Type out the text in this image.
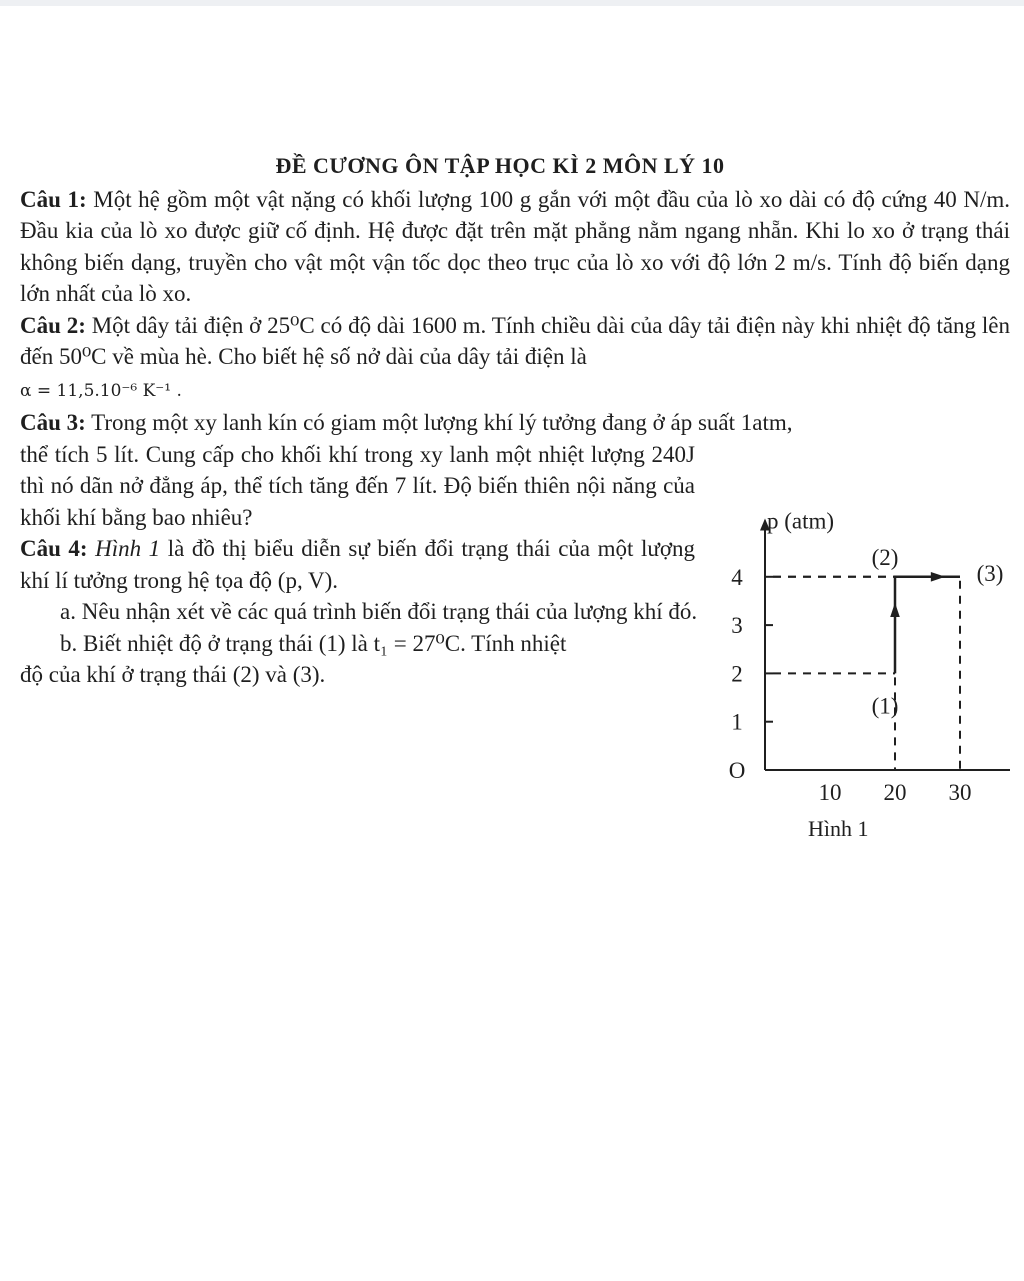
ĐỀ CƯƠNG ÔN TẬP HỌC KÌ 2 MÔN LÝ 10

Câu 1: Một hệ gồm một vật nặng có khối lượng 100 g gắn với một đầu của lò xo dài có độ cứng 40 N/m. Đầu kia của lò xo được giữ cố định. Hệ được đặt trên mặt phẳng nằm ngang nhẵn. Khi lo xo ở trạng thái không biến dạng, truyền cho vật một vận tốc dọc theo trục của lò xo với độ lớn 2 m/s. Tính độ biến dạng lớn nhất của lò xo.

Câu 2: Một dây tải điện ở 25⁰C có độ dài 1600 m. Tính chiều dài của dây tải điện này khi nhiệt độ tăng lên đến 50⁰C về mùa hè. Cho biết hệ số nở dài của dây tải điện là
α = 11,5.10⁻⁶ K⁻¹ .

Câu 3: Trong một xy lanh kín có giam một lượng khí lý tưởng đang ở áp suất 1atm,

thể tích 5 lít. Cung cấp cho khối khí trong xy lanh một nhiệt lượng 240J thì nó dãn nở đẳng áp, thể tích tăng đến 7 lít. Độ biến thiên nội năng của khối khí bằng bao nhiêu?

Câu 4: Hình 1 là đồ thị biểu diễn sự biến đổi trạng thái của một lượng khí lí tưởng trong hệ tọa độ (p, V).

a. Nêu nhận xét về các quá trình biến đổi trạng thái của lượng khí đó.

b. Biết nhiệt độ ở trạng thái (1) là t₁ = 27⁰C. Tính nhiệt

độ của khí ở trạng thái (2) và (3).

p (atm)
O
1
2
3
4
10 20 30
(1)
(2)
(3)
Hình 1
